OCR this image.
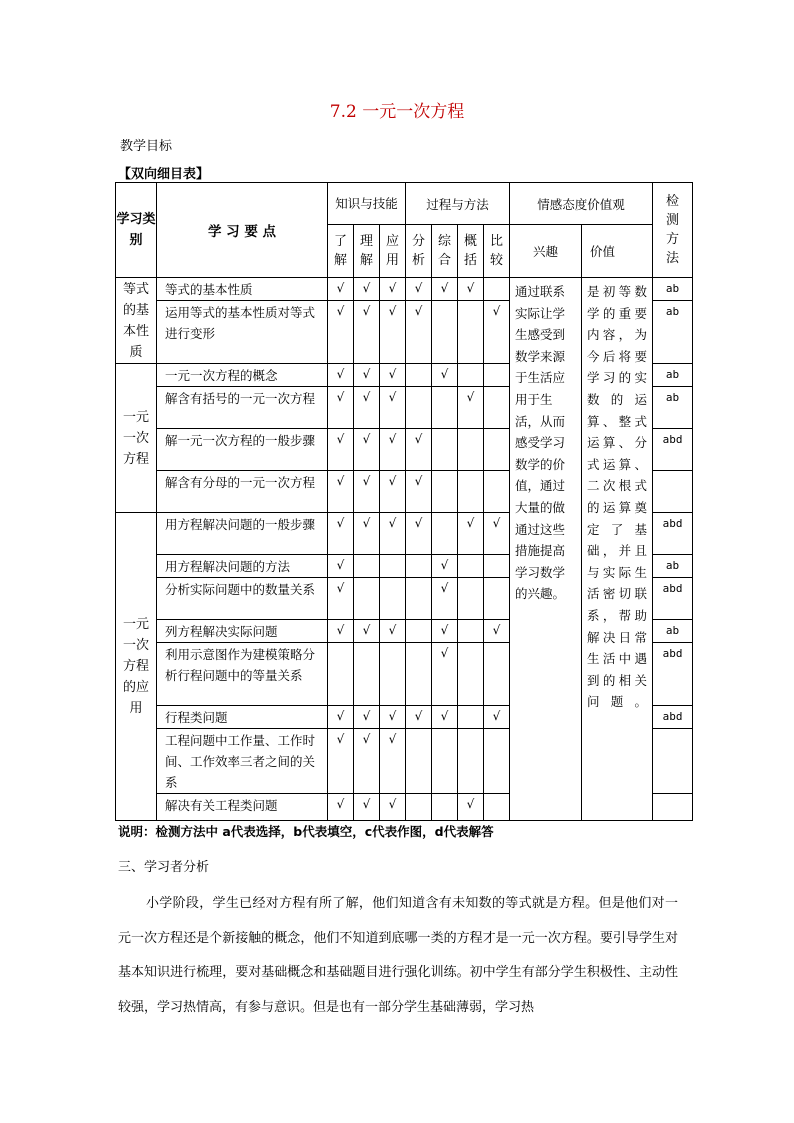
7.2 一元一次方程
教学目标
【双向细目表】
学习类别	学 习 要 点	知识与技能			过程与方法				情感态度价值观		检测方法
		了解	理解	应用	分析	综合	概括	比较	兴趣	价值	
等式的基本性质	等式的基本性质	√	√	√	√	√	√		通过联系实际让学生感受到数学来源于生活应用于生活，从而感受学习数学的价值，通过大量的做通过这些措施提高学习数学的兴趣。	是初等数学的重要内容，为今后将要学习的实数的运算、整式运算、分式运算、二次根式的运算奠定了基础，并且与实际生活密切联系，帮助解决日常生活中遇到的相关问题。	ab
	运用等式的基本性质对等式进行变形	√	√	√	√			√			ab
一元一次方程	一元一次方程的概念	√	√	√		√					ab
	解含有括号的一元一次方程	√	√	√			√				ab
	解一元一次方程的一般步骤	√	√	√	√						abd
	解含有分母的一元一次方程	√	√	√	√						
一元一次方程的应用	用方程解决问题的一般步骤	√	√	√	√		√	√			abd
	用方程解决问题的方法	√				√					ab
	分析实际问题中的数量关系	√				√					abd
	列方程解决实际问题	√	√	√		√		√			ab
	利用示意图作为建模策略分析行程问题中的等量关系					√					abd
	行程类问题	√	√	√	√	√		√			abd
	工程问题中工作量、工作时间、工作效率三者之间的关系	√	√	√							
	解决有关工程类问题	√	√	√			√				
说明：检测方法中 a代表选择，b代表填空，c代表作图，d代表解答
三、学习者分析
小学阶段，学生已经对方程有所了解，他们知道含有未知数的等式就是方程。但是他们对一元一次方程还是个新接触的概念，他们不知道到底哪一类的方程才是一元一次方程。要引导学生对基本知识进行梳理，要对基础概念和基础题目进行强化训练。初中学生有部分学生积极性、主动性较强，学习热情高，有参与意识。但是也有一部分学生基础薄弱，学习热
